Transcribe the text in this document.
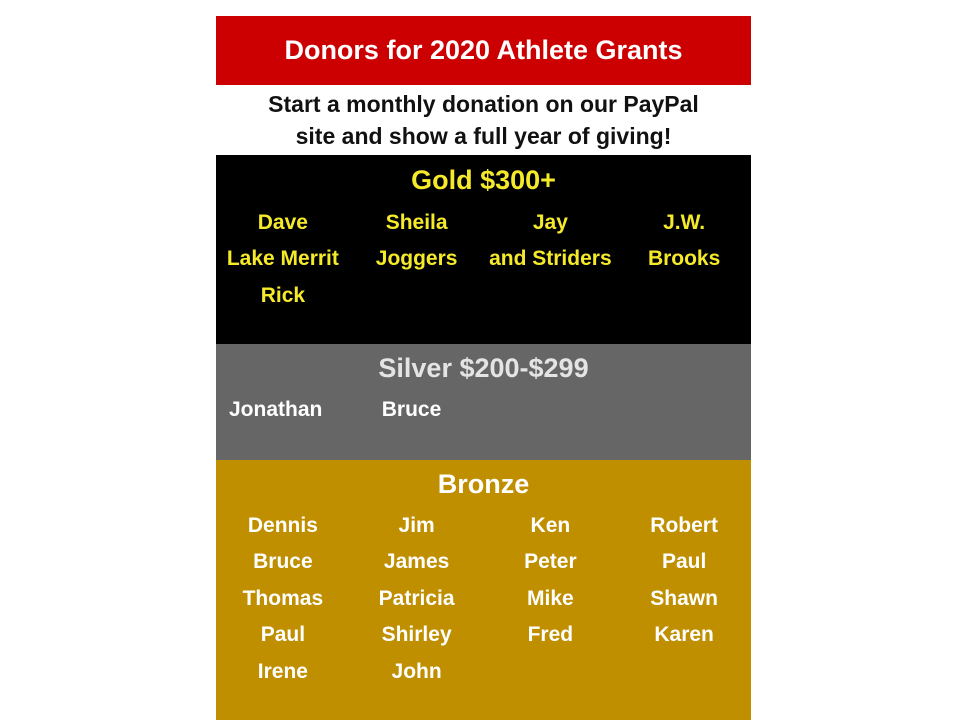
Donors for 2020 Athlete Grants
Start a monthly donation on our PayPal
site and show a full year of giving!
Gold $300+
Dave	Sheila	Jay	J.W.
Lake Merrit	Joggers	and Striders	Brooks
Rick
Silver $200-$299
Jonathan	Bruce
Bronze
Dennis	Jim	Ken	Robert
Bruce	James	Peter	Paul
Thomas	Patricia	Mike	Shawn
Paul	Shirley	Fred	Karen
Irene	John
